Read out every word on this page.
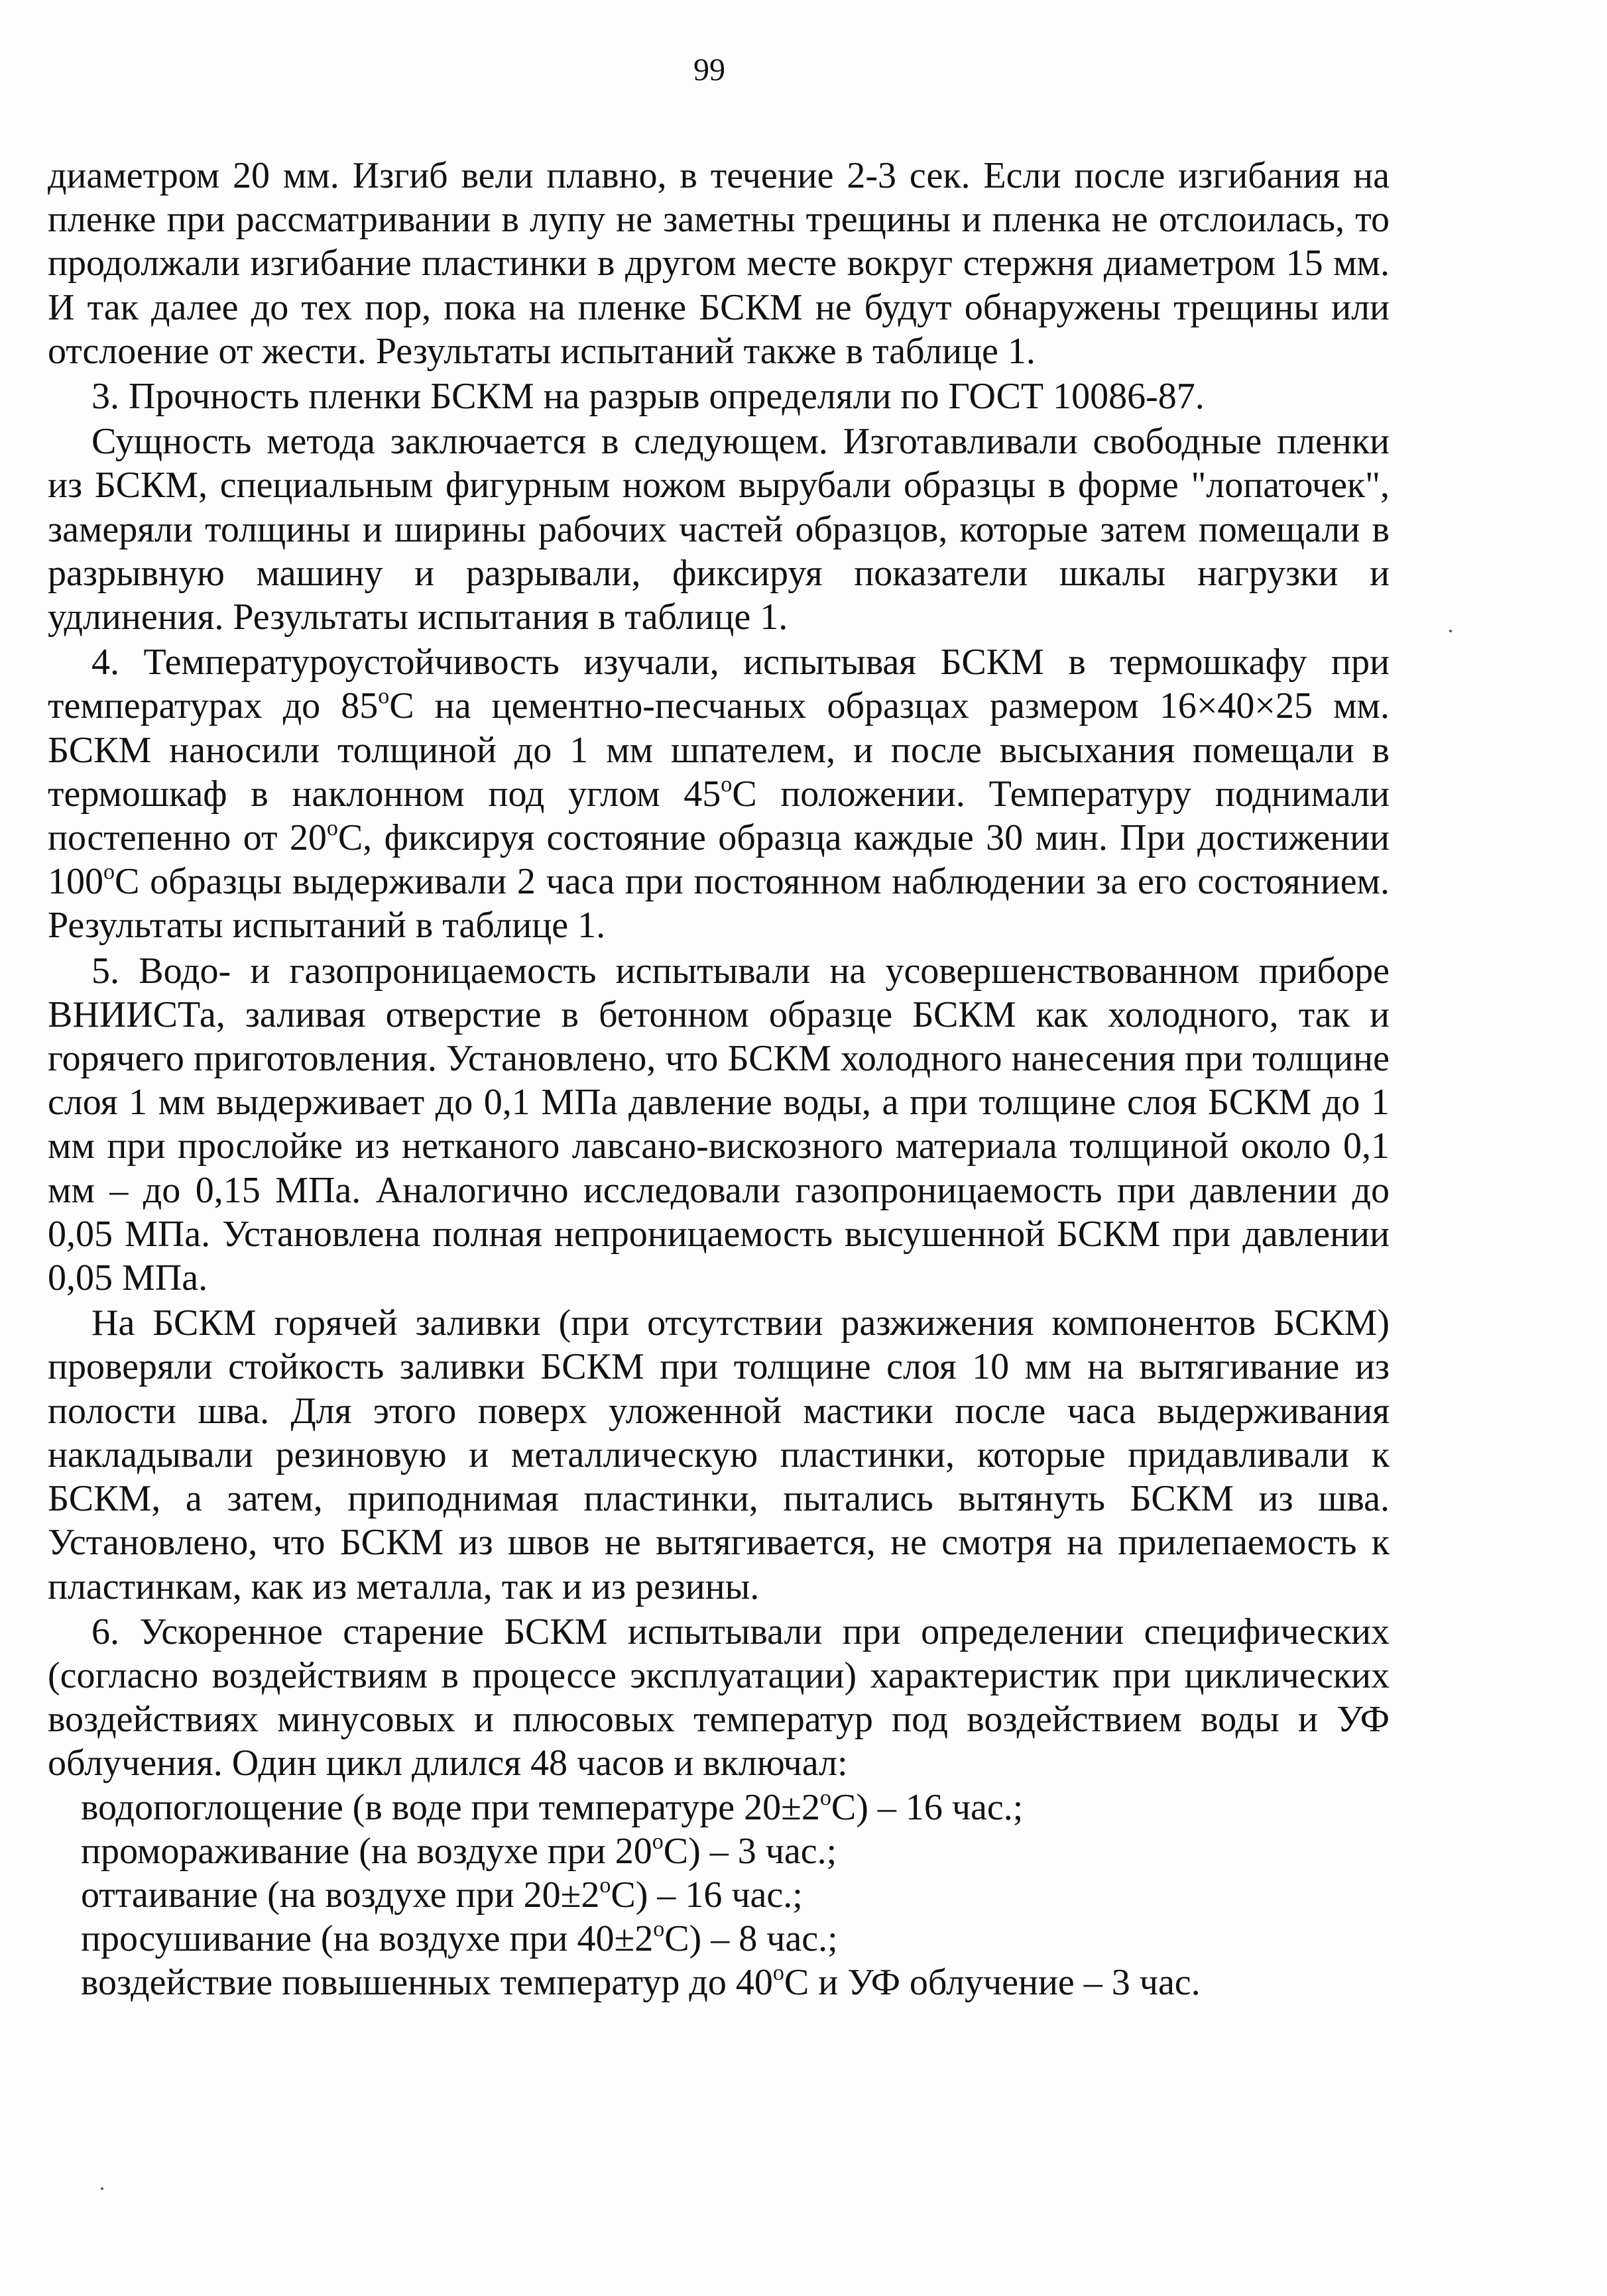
99

диаметром 20 мм. Изгиб вели плавно, в течение 2-3 сек. Если после изгибания на пленке при рассматривании в лупу не заметны трещины и пленка не отслоилась, то продолжали изгибание пластинки в другом месте вокруг стержня диаметром 15 мм. И так далее до тех пор, пока на пленке БСКМ не будут обнаружены трещины или отслоение от жести. Результаты испытаний также в таблице 1.

3. Прочность пленки БСКМ на разрыв определяли по ГОСТ 10086-87.

Сущность метода заключается в следующем. Изготавливали свободные пленки из БСКМ, специальным фигурным ножом вырубали образцы в форме "лопаточек", замеряли толщины и ширины рабочих частей образцов, которые затем помещали в разрывную машину и разрывали, фиксируя показатели шкалы нагрузки и удлинения. Результаты испытания в таблице 1.

4. Температуроустойчивость изучали, испытывая БСКМ в термошкафу при температурах до 85$^o$С на цементно-песчаных образцах размером 16×40×25 мм. БСКМ наносили толщиной до 1 мм шпателем, и после высыхания помещали в термошкаф в наклонном под углом 45$^o$С положении. Температуру поднимали постепенно от 20$^o$С, фиксируя состояние образца каждые 30 мин. При достижении 100$^o$С образцы выдерживали 2 часа при постоянном наблюдении за его состоянием. Результаты испытаний в таблице 1.

5. Водо- и газопроницаемость испытывали на усовершенствованном приборе ВНИИСТа, заливая отверстие в бетонном образце БСКМ как холодного, так и горячего приготовления. Установлено, что БСКМ холодного нанесения при толщине слоя 1 мм выдерживает до 0,1 МПа давление воды, а при толщине слоя БСКМ до 1 мм при прослойке из нетканого лавсано-вискозного материала толщиной около 0,1 мм – до 0,15 МПа. Аналогично исследовали газопроницаемость при давлении до 0,05 МПа. Установлена полная непроницаемость высушенной БСКМ при давлении 0,05 МПа.

На БСКМ горячей заливки (при отсутствии разжижения компонентов БСКМ) проверяли стойкость заливки БСКМ при толщине слоя 10 мм на вытягивание из полости шва. Для этого поверх уложенной мастики после часа выдерживания накладывали резиновую и металлическую пластинки, которые придавливали к БСКМ, а затем, приподнимая пластинки, пытались вытянуть БСКМ из шва. Установлено, что БСКМ из швов не вытягивается, не смотря на прилепаемость к пластинкам, как из металла, так и из резины.

6. Ускоренное старение БСКМ испытывали при определении специфических (согласно воздействиям в процессе эксплуатации) характеристик при циклических воздействиях минусовых и плюсовых температур под воздействием воды и УФ облучения. Один цикл длился 48 часов и включал:

водопоглощение (в воде при температуре $20\pm 2^oС) - 16$ час.;
промораживание (на воздухе при 20$^o$С) – 3 час.;
оттаивание (на воздухе при $20\pm 2^oС) - 16$ час.;
просушивание (на воздухе при $40\pm 2^oС) - 8$ час.;
воздействие повышенных температур до 40$^o$С и УФ облучение – 3 час.
